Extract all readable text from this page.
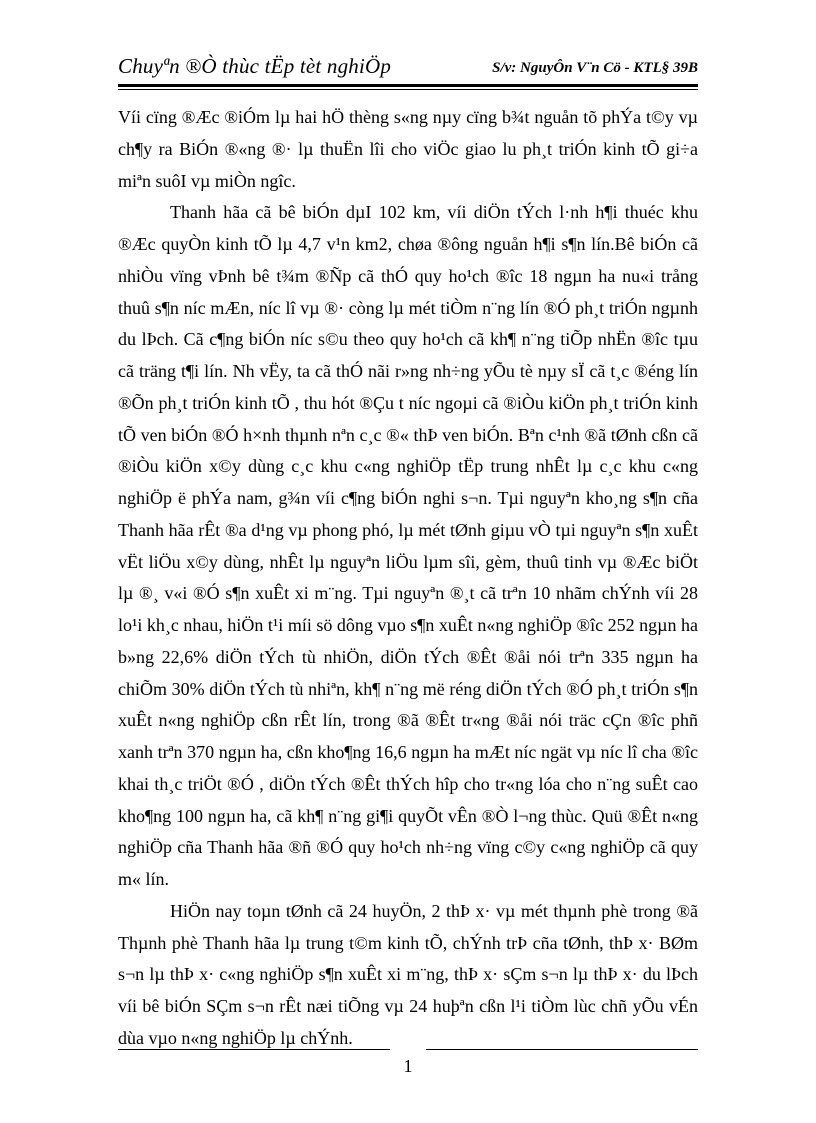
Chuyªn ®Ò thùc tËp tèt nghiÖp	S/v: NguyÔn V¨n Cö - KTL§ 39B

Víi cïng ®Æc ®iÓm lµ hai hÖ thèng s«ng nµy cïng b¾t nguån tõ phÝa t©y vµ ch¶y ra BiÓn ®«ng ®· lµ thuËn lîi cho viÖc giao lu ph¸t triÓn kinh tÕ gi÷a miªn suôI vµ miÒn ngîc.

Thanh hãa cã bê biÓn dµI 102 km, víi diÖn tÝch l·nh h¶i thuéc khu ®Æc quyÒn kinh tÕ lµ 4,7 v¹n km2, chøa ®ông nguån h¶i s¶n lín.Bê biÓn cã nhiÒu vïng vÞnh bê t¾m ®Ñp cã thÓ quy ho¹ch ®îc 18 ngµn ha nu«i trång thuû s¶n níc mÆn, níc lî vµ ®· còng lµ mét tiÒm n¨ng lín ®Ó ph¸t triÓn ngµnh du lÞch. Cã c¶ng biÓn níc s©u theo quy ho¹ch cã kh¶ n¨ng tiÕp nhËn ®îc tµu cã träng t¶i lín. Nh vËy, ta cã thÓ nãi r»ng nh÷ng yÕu tè nµy sÏ cã t¸c ®éng lín ®Õn ph¸t triÓn kinh tÕ , thu hót ®Çu t níc ngoµi cã ®iÒu kiÖn ph¸t triÓn kinh tÕ ven biÓn ®Ó h×nh thµnh nªn c¸c ®« thÞ ven biÓn. Bªn c¹nh ®ã tØnh cßn cã ®iÒu kiÖn x©y dùng c¸c khu c«ng nghiÖp tËp trung nhÊt lµ c¸c khu c«ng nghiÖp ë phÝa nam, g¾n víi c¶ng biÓn nghi s¬n. Tµi nguyªn kho¸ng s¶n cña Thanh hãa rÊt ®a d¹ng vµ phong phó, lµ mét tØnh giµu vÒ tµi nguyªn s¶n xuÊt vËt liÖu x©y dùng, nhÊt lµ nguyªn liÖu lµm sîi, gèm, thuû tinh vµ ®Æc biÖt lµ ®¸ v«i ®Ó s¶n xuÊt xi m¨ng. Tµi nguyªn ®¸t cã trªn 10 nhãm chÝnh víi 28 lo¹i kh¸c nhau, hiÖn t¹i míi sö dông vµo s¶n xuÊt n«ng nghiÖp ®îc 252 ngµn ha b»ng 22,6% diÖn tÝch tù nhiÖn, diÖn tÝch ®Êt ®åi nói trªn 335 ngµn ha chiÕm 30% diÖn tÝch tù nhiªn, kh¶ n¨ng më réng diÖn tÝch ®Ó ph¸t triÓn s¶n xuÊt n«ng nghiÖp cßn rÊt lín, trong ®ã ®Êt tr«ng ®åi nói träc cÇn ®îc phñ xanh trªn 370 ngµn ha, cßn kho¶ng 16,6 ngµn ha mÆt níc ngät vµ níc lî cha ®îc khai th¸c triÖt ®Ó , diÖn tÝch ®Êt thÝch hîp cho tr«ng lóa cho n¨ng suÊt cao kho¶ng 100 ngµn ha, cã kh¶ n¨ng gi¶i quyÕt vÊn ®Ò l¬ng thùc. Quü ®Êt n«ng nghiÖp cña Thanh hãa ®ñ ®Ó quy ho¹ch nh÷ng vïng c©y c«ng nghiÖp cã quy m« lín.

HiÖn nay toµn tØnh cã 24 huyÖn, 2 thÞ x· vµ mét thµnh phè trong ®ã Thµnh phè Thanh hãa lµ trung t©m kinh tÕ, chÝnh trÞ cña tØnh, thÞ x· BØm s¬n lµ thÞ x· c«ng nghiÖp s¶n xuÊt xi m¨ng, thÞ x· sÇm s¬n lµ thÞ x· du lÞch víi bê biÓn SÇm s¬n rÊt næi tiÕng vµ 24 huþªn cßn l¹i tiÒm lùc chñ yÕu vÉn dùa vµo n«ng nghiÖp lµ chÝnh.

1
